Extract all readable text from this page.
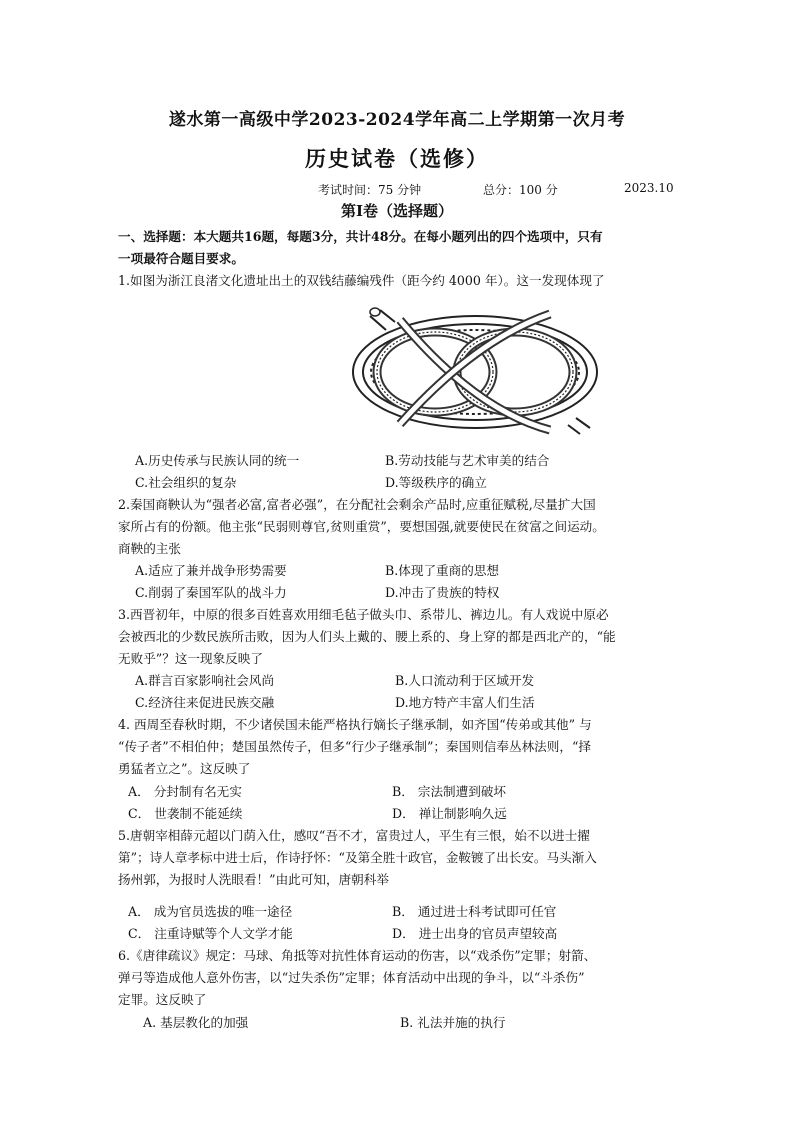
遂水第一高级中学2023-2024学年高二上学期第一次月考
历史试卷（选修）
考试时间：75 分钟	总分：100 分	2023.10
第Ⅰ卷（选择题）
一、选择题：本大题共16题，每题3分，共计48分。在每小题列出的四个选项中，只有
一项最符合题目要求。
1.如图为浙江良渚文化遗址出土的双钱结藤编残件（距今约 4000 年）。这一发现体现了
A.历史传承与民族认同的统一	B.劳动技能与艺术审美的结合
C.社会组织的复杂	D.等级秩序的确立
2.秦国商鞅认为“强者必富,富者必强”，在分配社会剩余产品时,应重征赋税,尽量扩大国
家所占有的份额。他主张“民弱则尊官,贫则重赏”，要想国强,就要使民在贫富之间运动。
商鞅的主张
A.适应了兼并战争形势需要	B.体现了重商的思想
C.削弱了秦国军队的战斗力	D.冲击了贵族的特权
3.西晋初年，中原的很多百姓喜欢用细毛毡子做头巾、系带儿、裤边儿。有人戏说中原必
会被西北的少数民族所击败，因为人们头上戴的、腰上系的、身上穿的都是西北产的，“能
无败乎”？这一现象反映了
A.群言百家影响社会风尚	B.人口流动利于区域开发
C.经济往来促进民族交融	D.地方特产丰富人们生活
4. 西周至春秋时期，不少诸侯国未能严格执行嫡长子继承制，如齐国“传弟或其他” 与
“传子者”不相伯仲；楚国虽然传子，但多“行少子继承制”；秦国则信奉丛林法则，“择
勇猛者立之”。这反映了
A． 分封制有名无实	B． 宗法制遭到破坏
C． 世袭制不能延续	D． 禅让制影响久远
5.唐朝宰相薛元超以门荫入仕，感叹“吾不才，富贵过人，平生有三恨，始不以进士擢
第”；诗人章孝标中进士后，作诗抒怀：“及第全胜十政官，金鞍镀了出长安。马头渐入
扬州郭，为报时人洗眼看！”由此可知，唐朝科举
A． 成为官员选拔的唯一途径	B． 通过进士科考试即可任官
C． 注重诗赋等个人文学才能	D． 进士出身的官员声望较高
6.《唐律疏议》规定：马球、角抵等对抗性体育运动的伤害，以“戏杀伤”定罪；射箭、
弹弓等造成他人意外伤害，以“过失杀伤”定罪；体育活动中出现的争斗，以“斗杀伤”
定罪。这反映了
A. 基层教化的加强	B. 礼法并施的执行
